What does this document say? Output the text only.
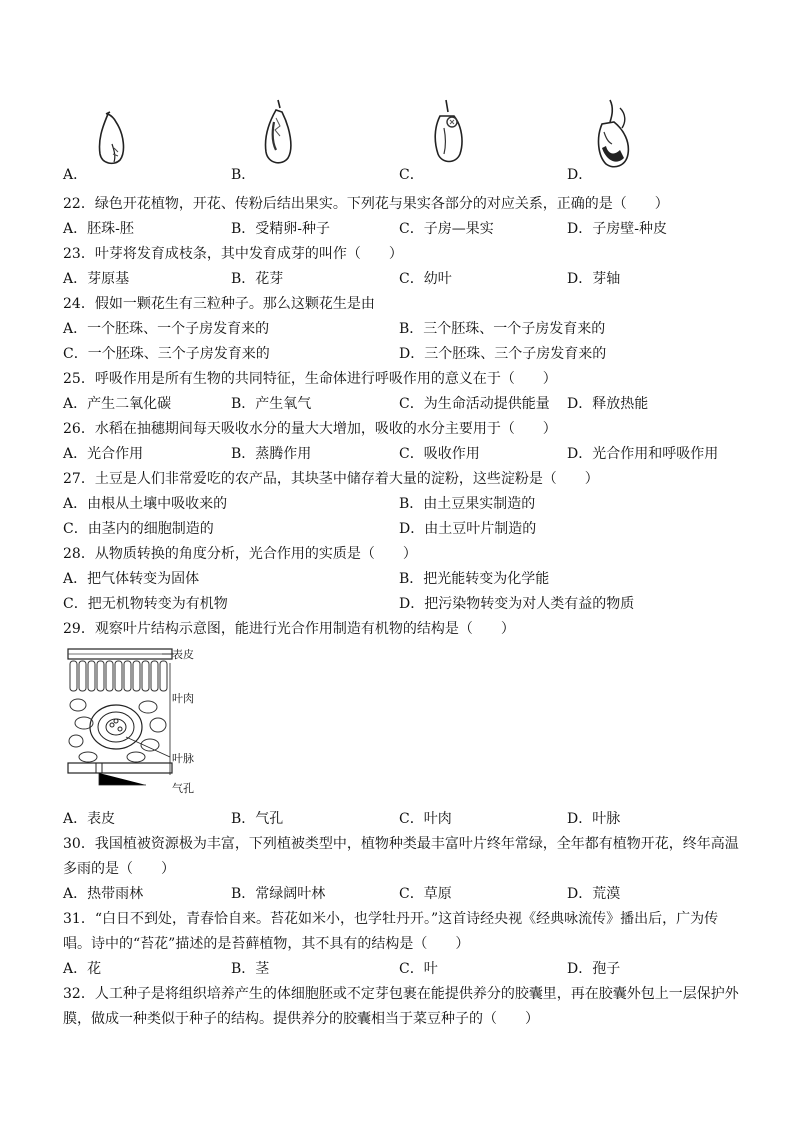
A．	B．	C．	D．
22．绿色开花植物，开花、传粉后结出果实。下列花与果实各部分的对应关系，正确的是（　　）
A．胚珠-胚	B．受精卵-种子	C．子房—果实	D．子房壁-种皮
23．叶芽将发育成枝条，其中发育成芽的叫作（　　）
A．芽原基	B．花芽	C．幼叶	D．芽轴
24．假如一颗花生有三粒种子。那么这颗花生是由
A．一个胚珠、一个子房发育来的	B．三个胚珠、一个子房发育来的
C．一个胚珠、三个子房发育来的	D．三个胚珠、三个子房发育来的
25．呼吸作用是所有生物的共同特征，生命体进行呼吸作用的意义在于（　　）
A．产生二氧化碳	B．产生氧气	C．为生命活动提供能量 D．释放热能
26．水稻在抽穗期间每天吸收水分的量大大增加，吸收的水分主要用于（　　）
A．光合作用	B．蒸腾作用	C．吸收作用	D．光合作用和呼吸作用
27．土豆是人们非常爱吃的农产品，其块茎中储存着大量的淀粉，这些淀粉是（　　）
A．由根从土壤中吸收来的	B．由土豆果实制造的
C．由茎内的细胞制造的	D．由土豆叶片制造的
28．从物质转换的角度分析，光合作用的实质是（　　）
A．把气体转变为固体	B．把光能转变为化学能
C．把无机物转变为有机物	D．把污染物转变为对人类有益的物质
29．观察叶片结构示意图，能进行光合作用制造有机物的结构是（　　）
表皮
叶肉
叶脉
气孔
A．表皮	B．气孔	C．叶肉	D．叶脉
30．我国植被资源极为丰富，下列植被类型中，植物种类最丰富叶片终年常绿，全年都有植物开花，终年高温
多雨的是（　　）
A．热带雨林	B．常绿阔叶林	C．草原	D．荒漠
31．“白日不到处，青春恰自来。苔花如米小，也学牡丹开。”这首诗经央视《经典咏流传》播出后，广为传
唱。诗中的“苔花”描述的是苔藓植物，其不具有的结构是（　　）
A．花	B．茎	C．叶	D．孢子
32．人工种子是将组织培养产生的体细胞胚或不定芽包裹在能提供养分的胶囊里，再在胶囊外包上一层保护外
膜，做成一种类似于种子的结构。提供养分的胶囊相当于菜豆种子的（　　）
